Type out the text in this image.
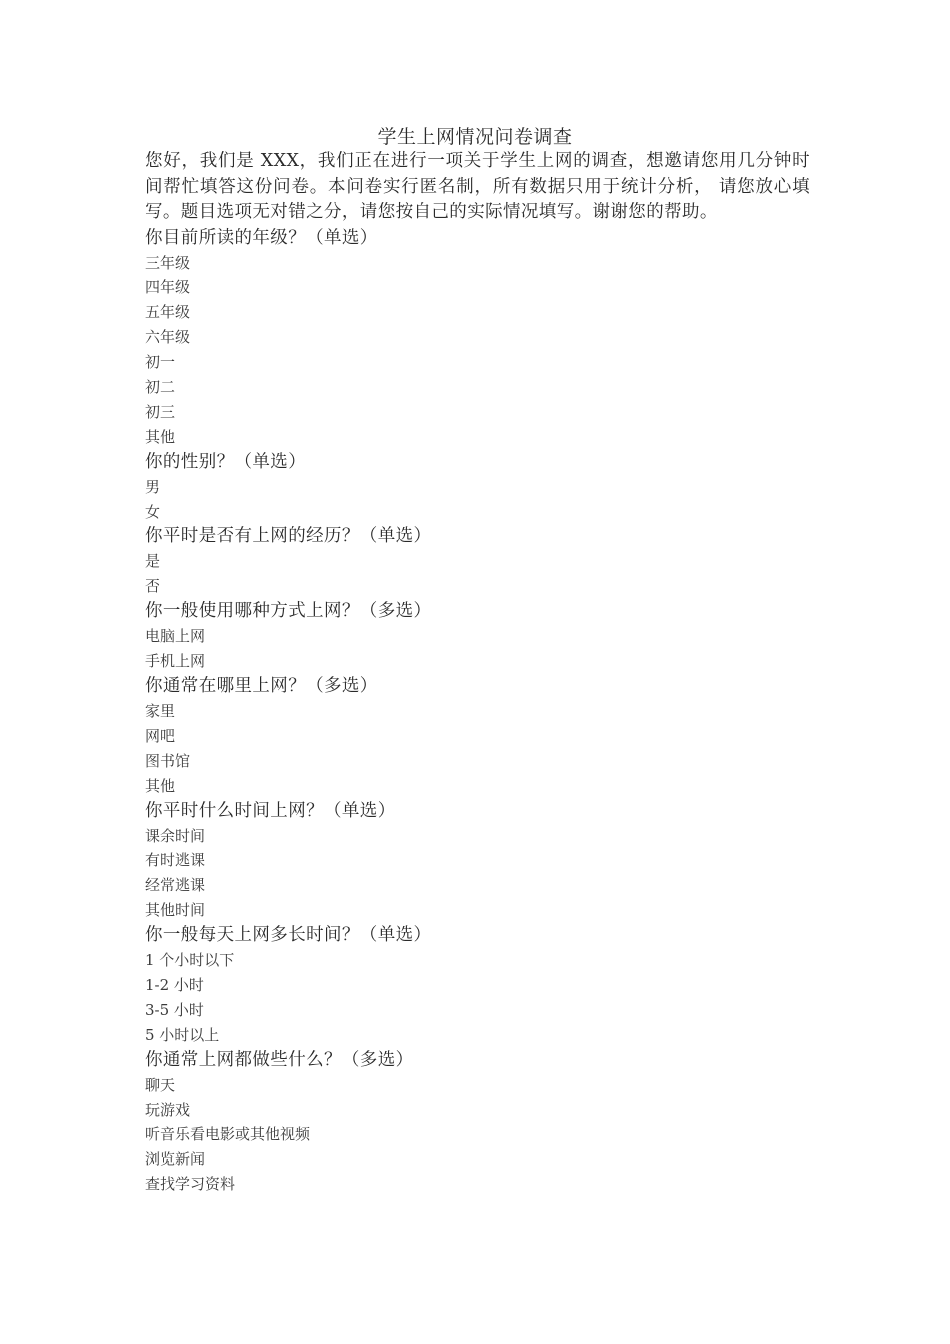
学生上网情况问卷调查

您好，我们是 XXX，我们正在进行一项关于学生上网的调查，想邀请您用几分钟时间帮忙填答这份问卷。本问卷实行匿名制，所有数据只用于统计分析， 请您放心填写。题目选项无对错之分，请您按自己的实际情况填写。谢谢您的帮助。

你目前所读的年级？（单选）

三年级

四年级

五年级

六年级

初一

初二

初三

其他

你的性别？（单选）

男

女

你平时是否有上网的经历？（单选）

是

否

你一般使用哪种方式上网？（多选）

电脑上网

手机上网

你通常在哪里上网？（多选）

家里

网吧

图书馆

其他

你平时什么时间上网？（单选）

课余时间

有时逃课

经常逃课

其他时间

你一般每天上网多长时间？（单选）

1 个小时以下

1-2 小时

3-5 小时

5 小时以上

你通常上网都做些什么？（多选）

聊天

玩游戏

听音乐看电影或其他视频

浏览新闻

查找学习资料
